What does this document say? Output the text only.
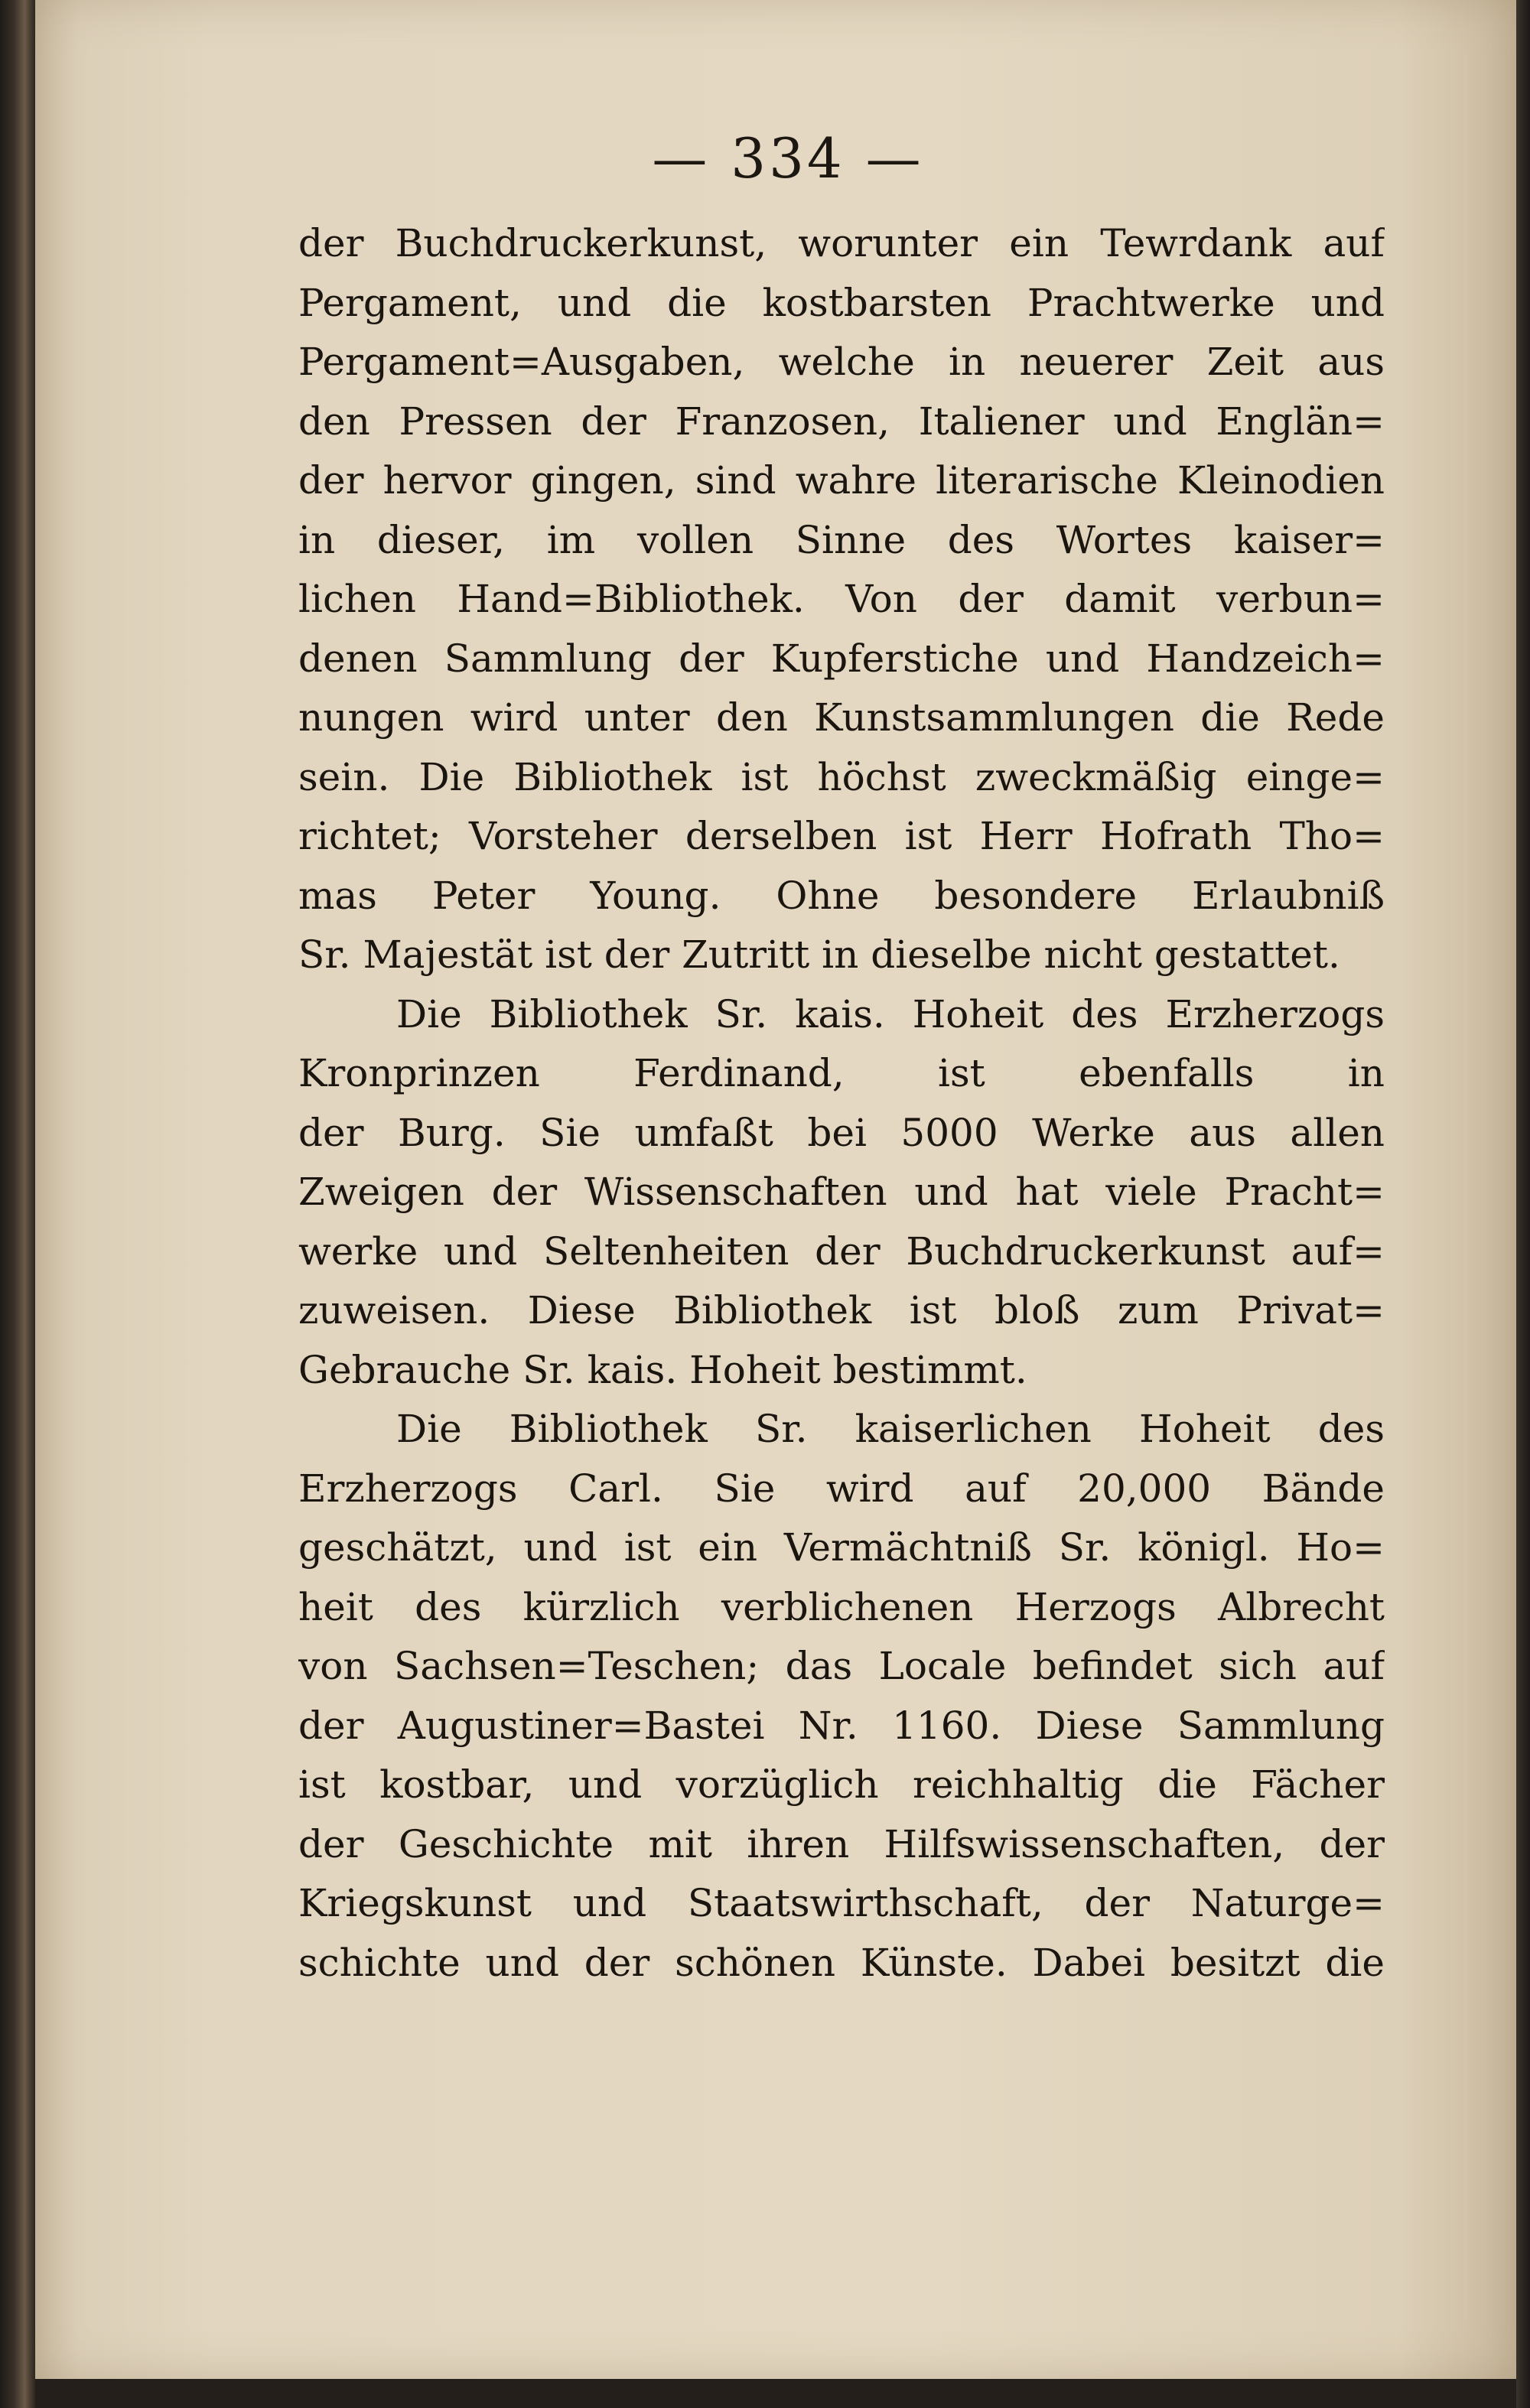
— 334 —
der Buchdruckerkunst, worunter ein Tewrdank auf
Pergament, und die kostbarsten Prachtwerke und
Pergament=Ausgaben, welche in neuerer Zeit aus
den Pressen der Franzosen, Italiener und Englän=
der hervor gingen, sind wahre literarische Kleinodien
in dieser, im vollen Sinne des Wortes kaiser=
lichen Hand=Bibliothek. Von der damit verbun=
denen Sammlung der Kupferstiche und Handzeich=
nungen wird unter den Kunstsammlungen die Rede
sein. Die Bibliothek ist höchst zweckmäßig einge=
richtet; Vorsteher derselben ist Herr Hofrath Tho=
mas Peter Young. Ohne besondere Erlaubniß
Sr. Majestät ist der Zutritt in dieselbe nicht gestattet.
Die Bibliothek Sr. kais. Hoheit des Erzherzogs
Kronprinzen Ferdinand, ist ebenfalls in
der Burg. Sie umfaßt bei 5000 Werke aus allen
Zweigen der Wissenschaften und hat viele Pracht=
werke und Seltenheiten der Buchdruckerkunst auf=
zuweisen. Diese Bibliothek ist bloß zum Privat=
Gebrauche Sr. kais. Hoheit bestimmt.
Die Bibliothek Sr. kaiserlichen Hoheit des
Erzherzogs Carl. Sie wird auf 20,000 Bände
geschätzt, und ist ein Vermächtniß Sr. königl. Ho=
heit des kürzlich verblichenen Herzogs Albrecht
von Sachsen=Teschen; das Locale befindet sich auf
der Augustiner=Bastei Nr. 1160. Diese Sammlung
ist kostbar, und vorzüglich reichhaltig die Fächer
der Geschichte mit ihren Hilfswissenschaften, der
Kriegskunst und Staatswirthschaft, der Naturge=
schichte und der schönen Künste. Dabei besitzt die
